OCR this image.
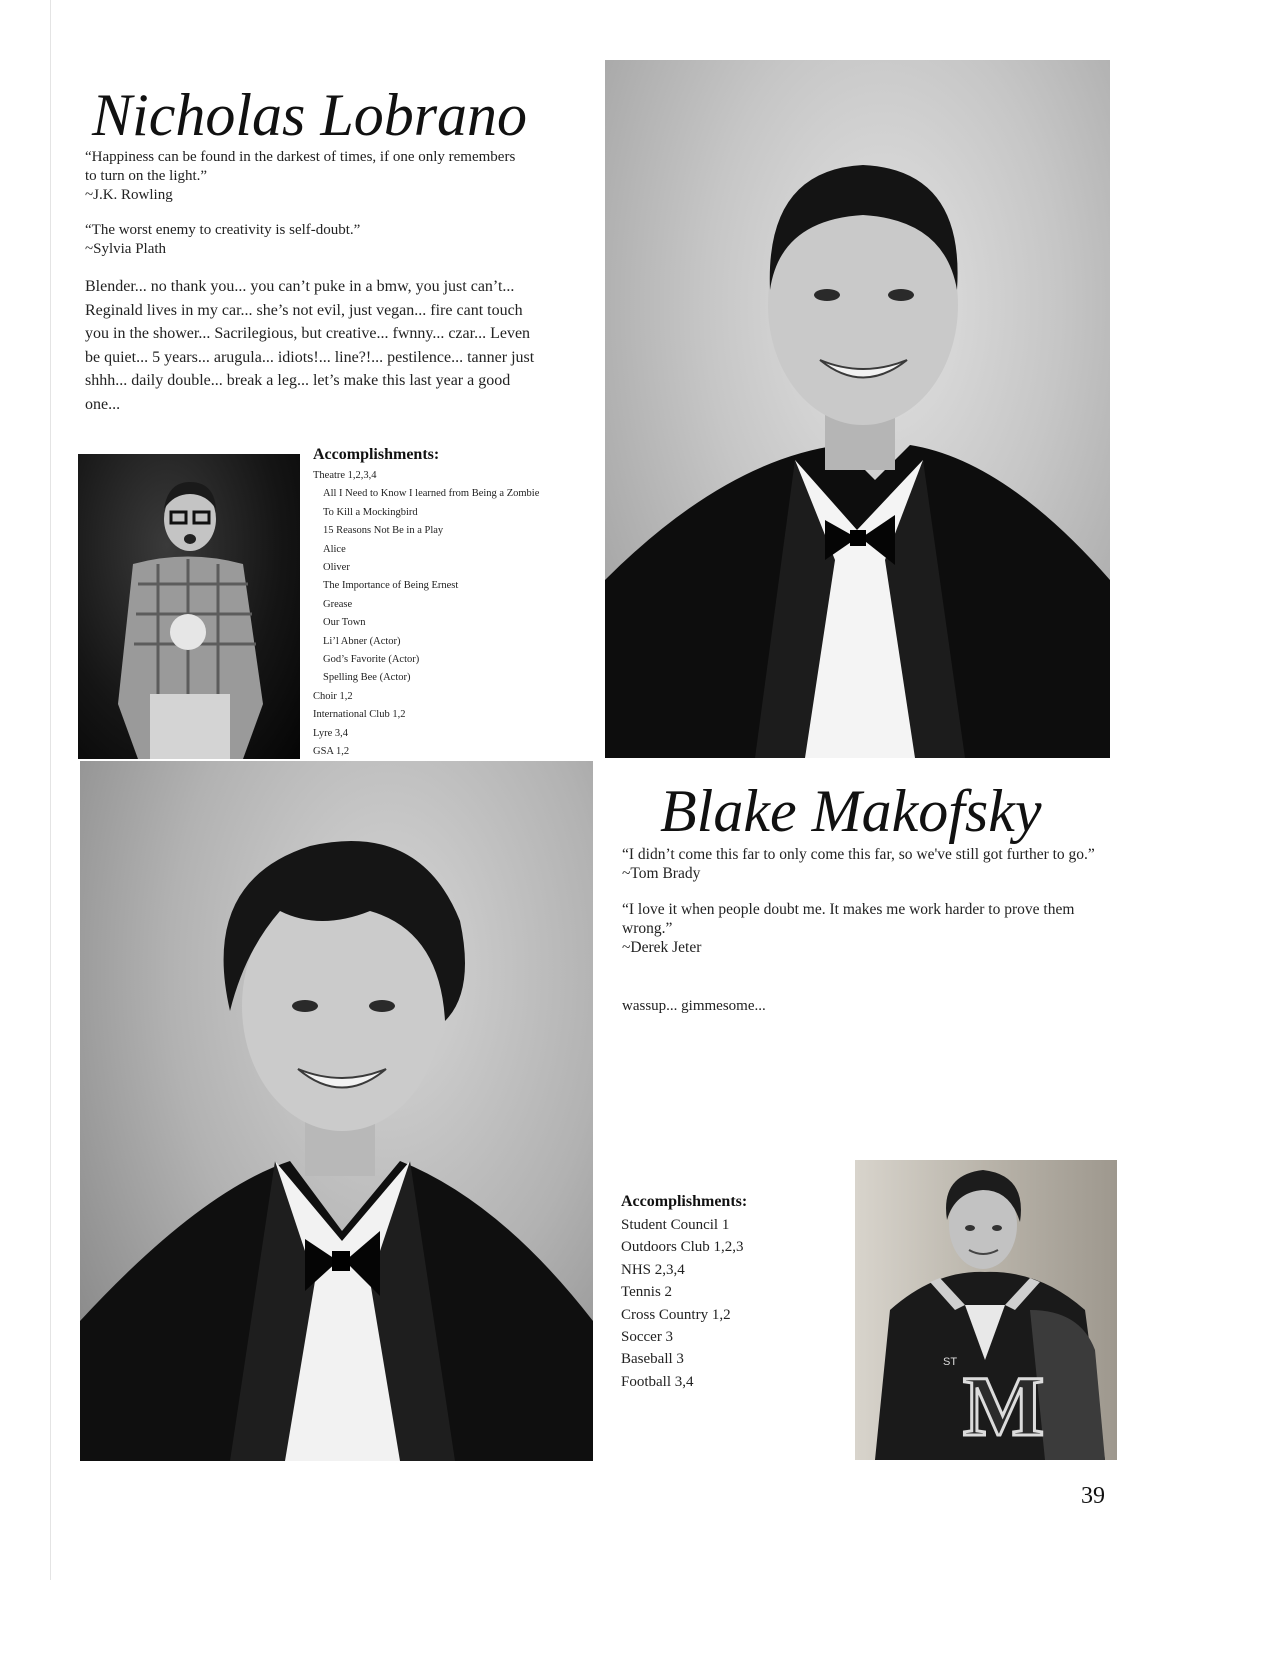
Nicholas Lobrano

“Happiness can be found in the darkest of times, if one only remembers

to turn on the light.”

~J.K. Rowling

“The worst enemy to creativity is self-doubt.”

~Sylvia Plath

Blender... no thank you... you can’t puke in a bmw, you just can’t...
Reginald lives in my car... she’s not evil, just vegan... fire cant touch
you in the shower... Sacrilegious, but creative... fwnny... czar... Leven
be quiet... 5 years... arugula... idiots!... line?!... pestilence... tanner just
shhh... daily double... break a leg... let’s make this last year a good
one...
Accomplishments:
Theatre 1,2,3,4
All I Need to Know I learned from Being a Zombie
To Kill a Mockingbird
15 Reasons Not Be in a Play
Alice
Oliver
The Importance of Being Ernest
Grease
Our Town
Li’l Abner (Actor)
God’s Favorite (Actor)
Spelling Bee (Actor)
Choir 1,2
International Club 1,2
Lyre 3,4
GSA 1,2
Blake Makofsky

“I didn’t come this far to only come this far, so we've still got further to go.”

~Tom Brady

“I love it when people doubt me. It makes me work harder to prove them

wrong.”

~Derek Jeter

wassup... gimmesome...
Accomplishments:
Student Council 1
Outdoors Club 1,2,3
NHS 2,3,4
Tennis 2
Cross Country 1,2
Soccer 3
Baseball 3
Football 3,4	M
ST
39
